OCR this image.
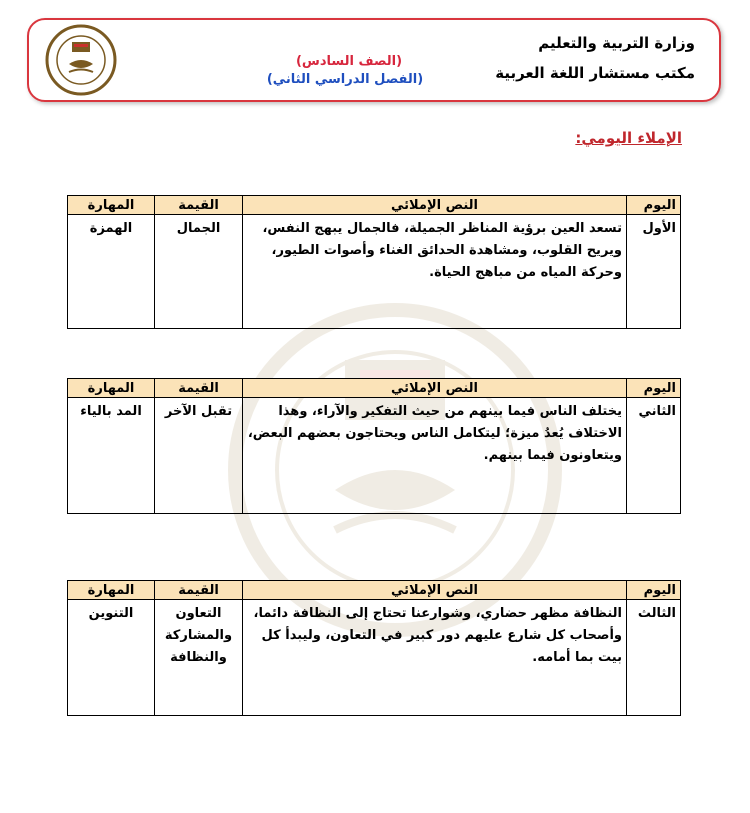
وزارة التربية والتعليم
مكتب مستشار اللغة العربية
(الصف السادس)
(الفصل الدراسي الثاني)
الإملاء اليومي:
اليوم	النص الإملائي	القيمة	المهارة
الأول	تسعد العين برؤية المناظر الجميلة، فالجمال يبهج النفس، ويريح القلوب، ومشاهدة الحدائق الغناء وأصوات الطيور، وحركة المياه من مباهج الحياة.	الجمال	الهمزة
اليوم	النص الإملائي	القيمة	المهارة
الثاني	يختلف الناس فيما بينهم من حيث التفكير والآراء، وهذا الاختلاف يُعدُ ميزة؛ ليتكامل الناس ويحتاجون بعضهم البعض، ويتعاونون فيما بينهم.	تقبل الآخر	المد بالياء
اليوم	النص الإملائي	القيمة	المهارة
الثالث	النظافة مظهر حضاري، وشوارعنا تحتاج إلى النظافة دائما، وأصحاب كل شارع عليهم دور كبير في التعاون، وليبدأ كل بيت بما أمامه.	التعاون والمشاركة والنظافة	التنوين
